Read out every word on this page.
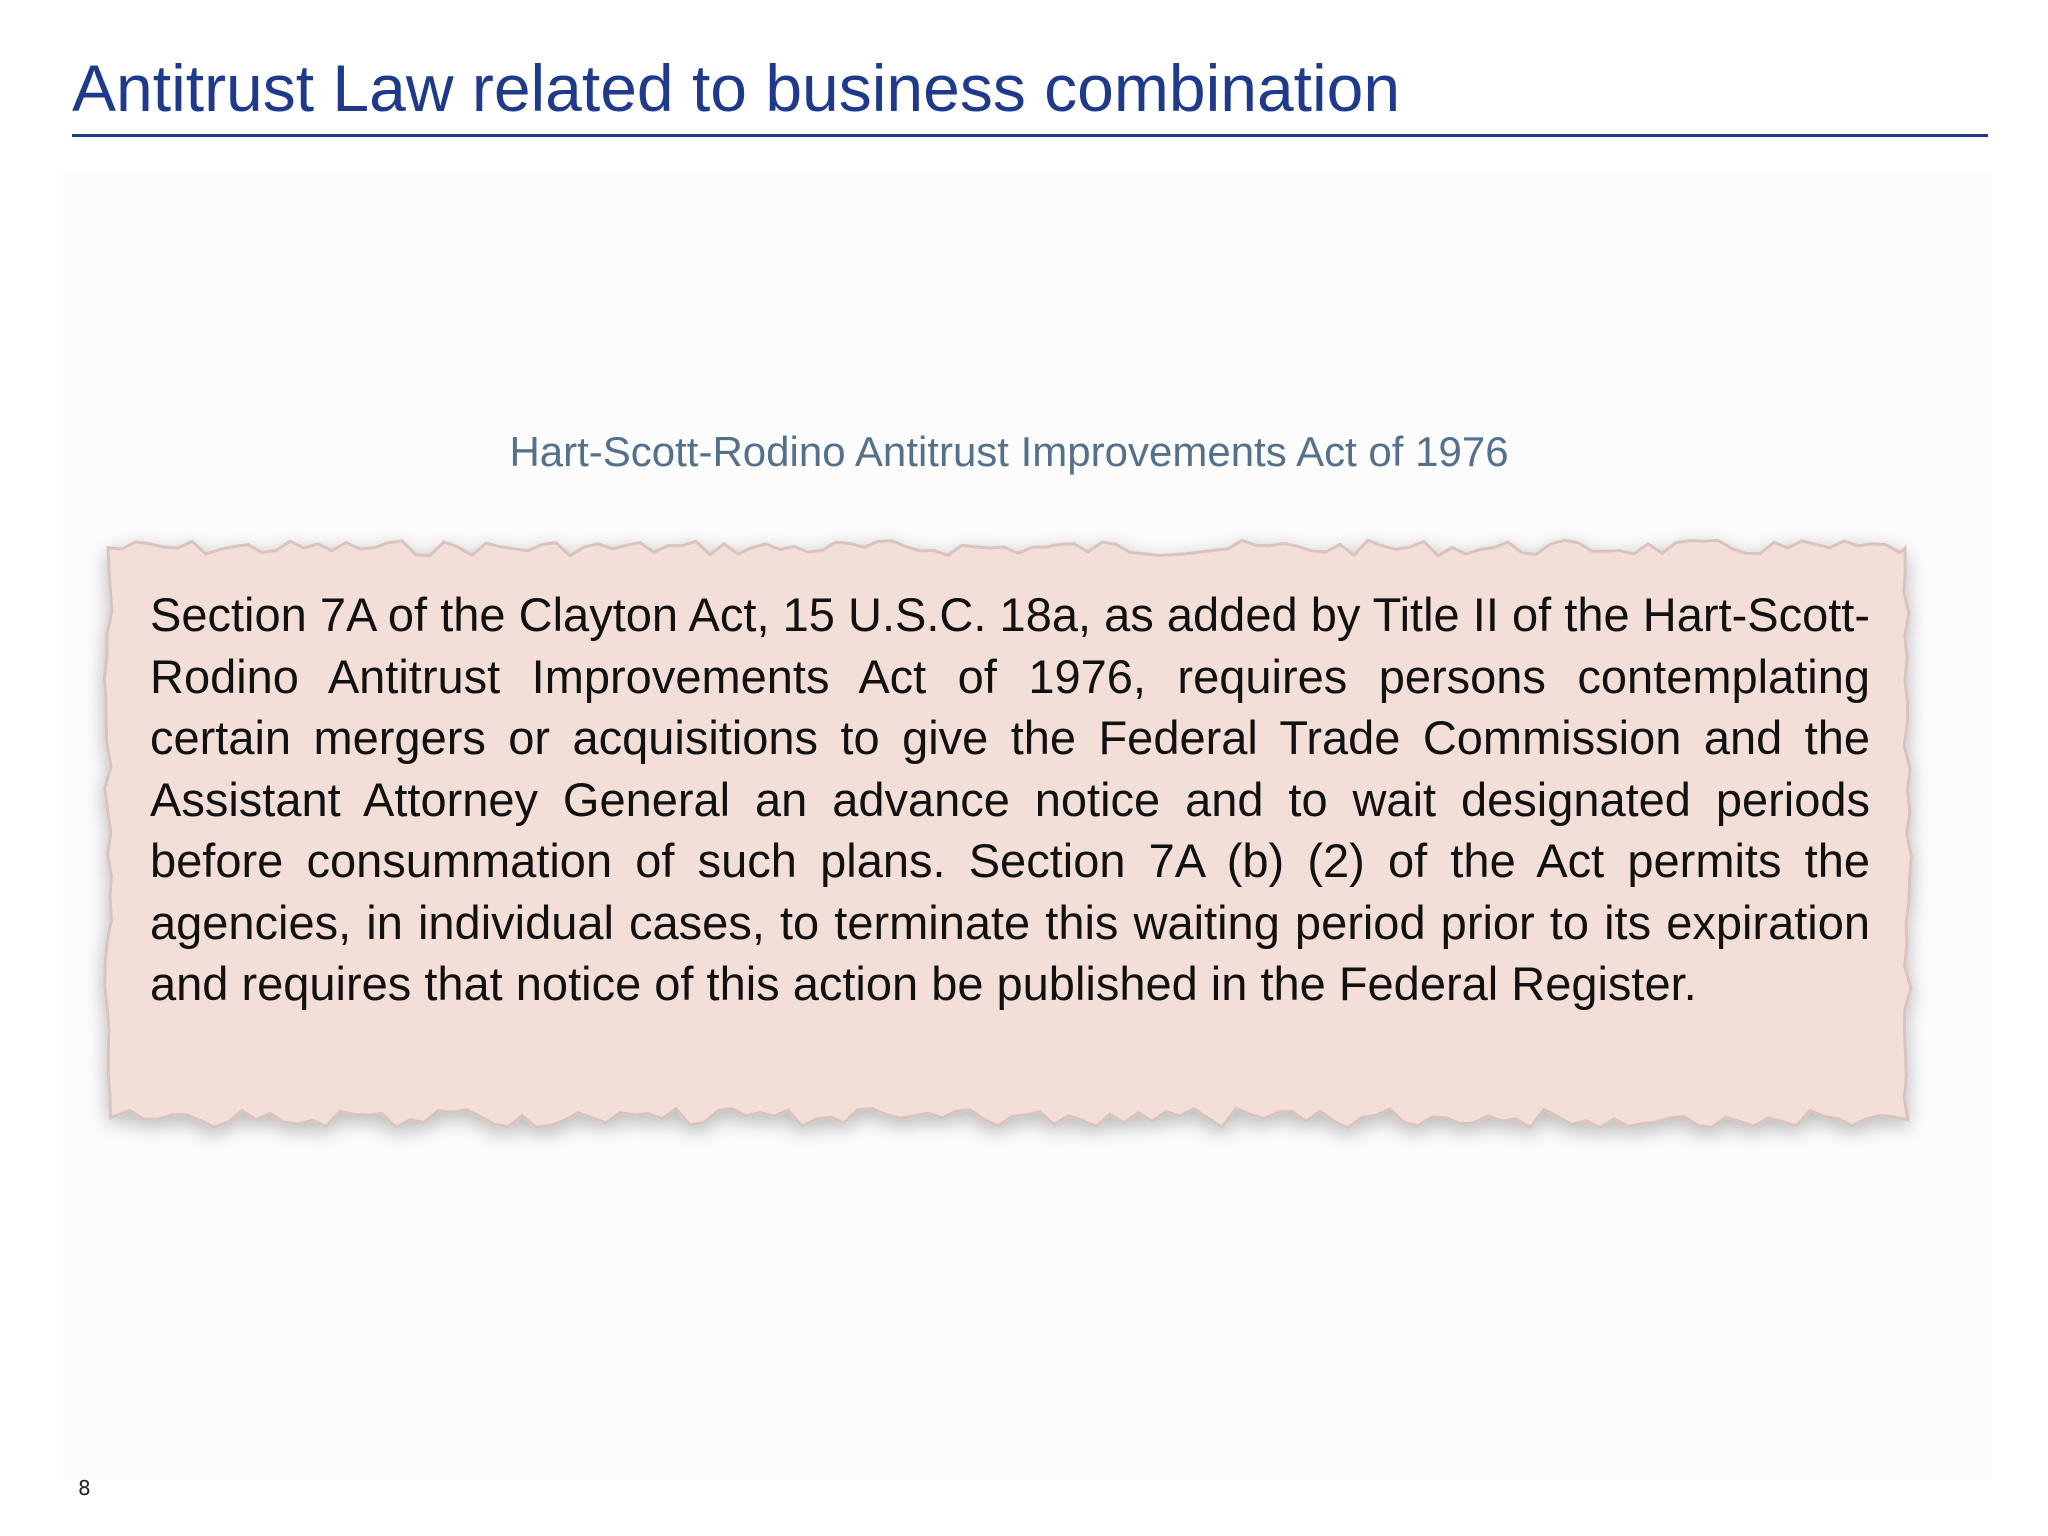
Antitrust Law related to business combination
Hart-Scott-Rodino Antitrust Improvements Act of 1976

Section 7A of the Clayton Act, 15 U.S.C. 18a, as added by Title II of the Hart-Scott-Rodino Antitrust Improvements Act of 1976, requires persons contemplating certain mergers or acquisitions to give the Federal Trade Commission and the Assistant Attorney General an advance notice and to wait designated periods before consummation of such plans. Section 7A (b) (2) of the Act permits the agencies, in individual cases, to terminate this waiting period prior to its expiration and requires that notice of this action be published in the Federal Register.

8
